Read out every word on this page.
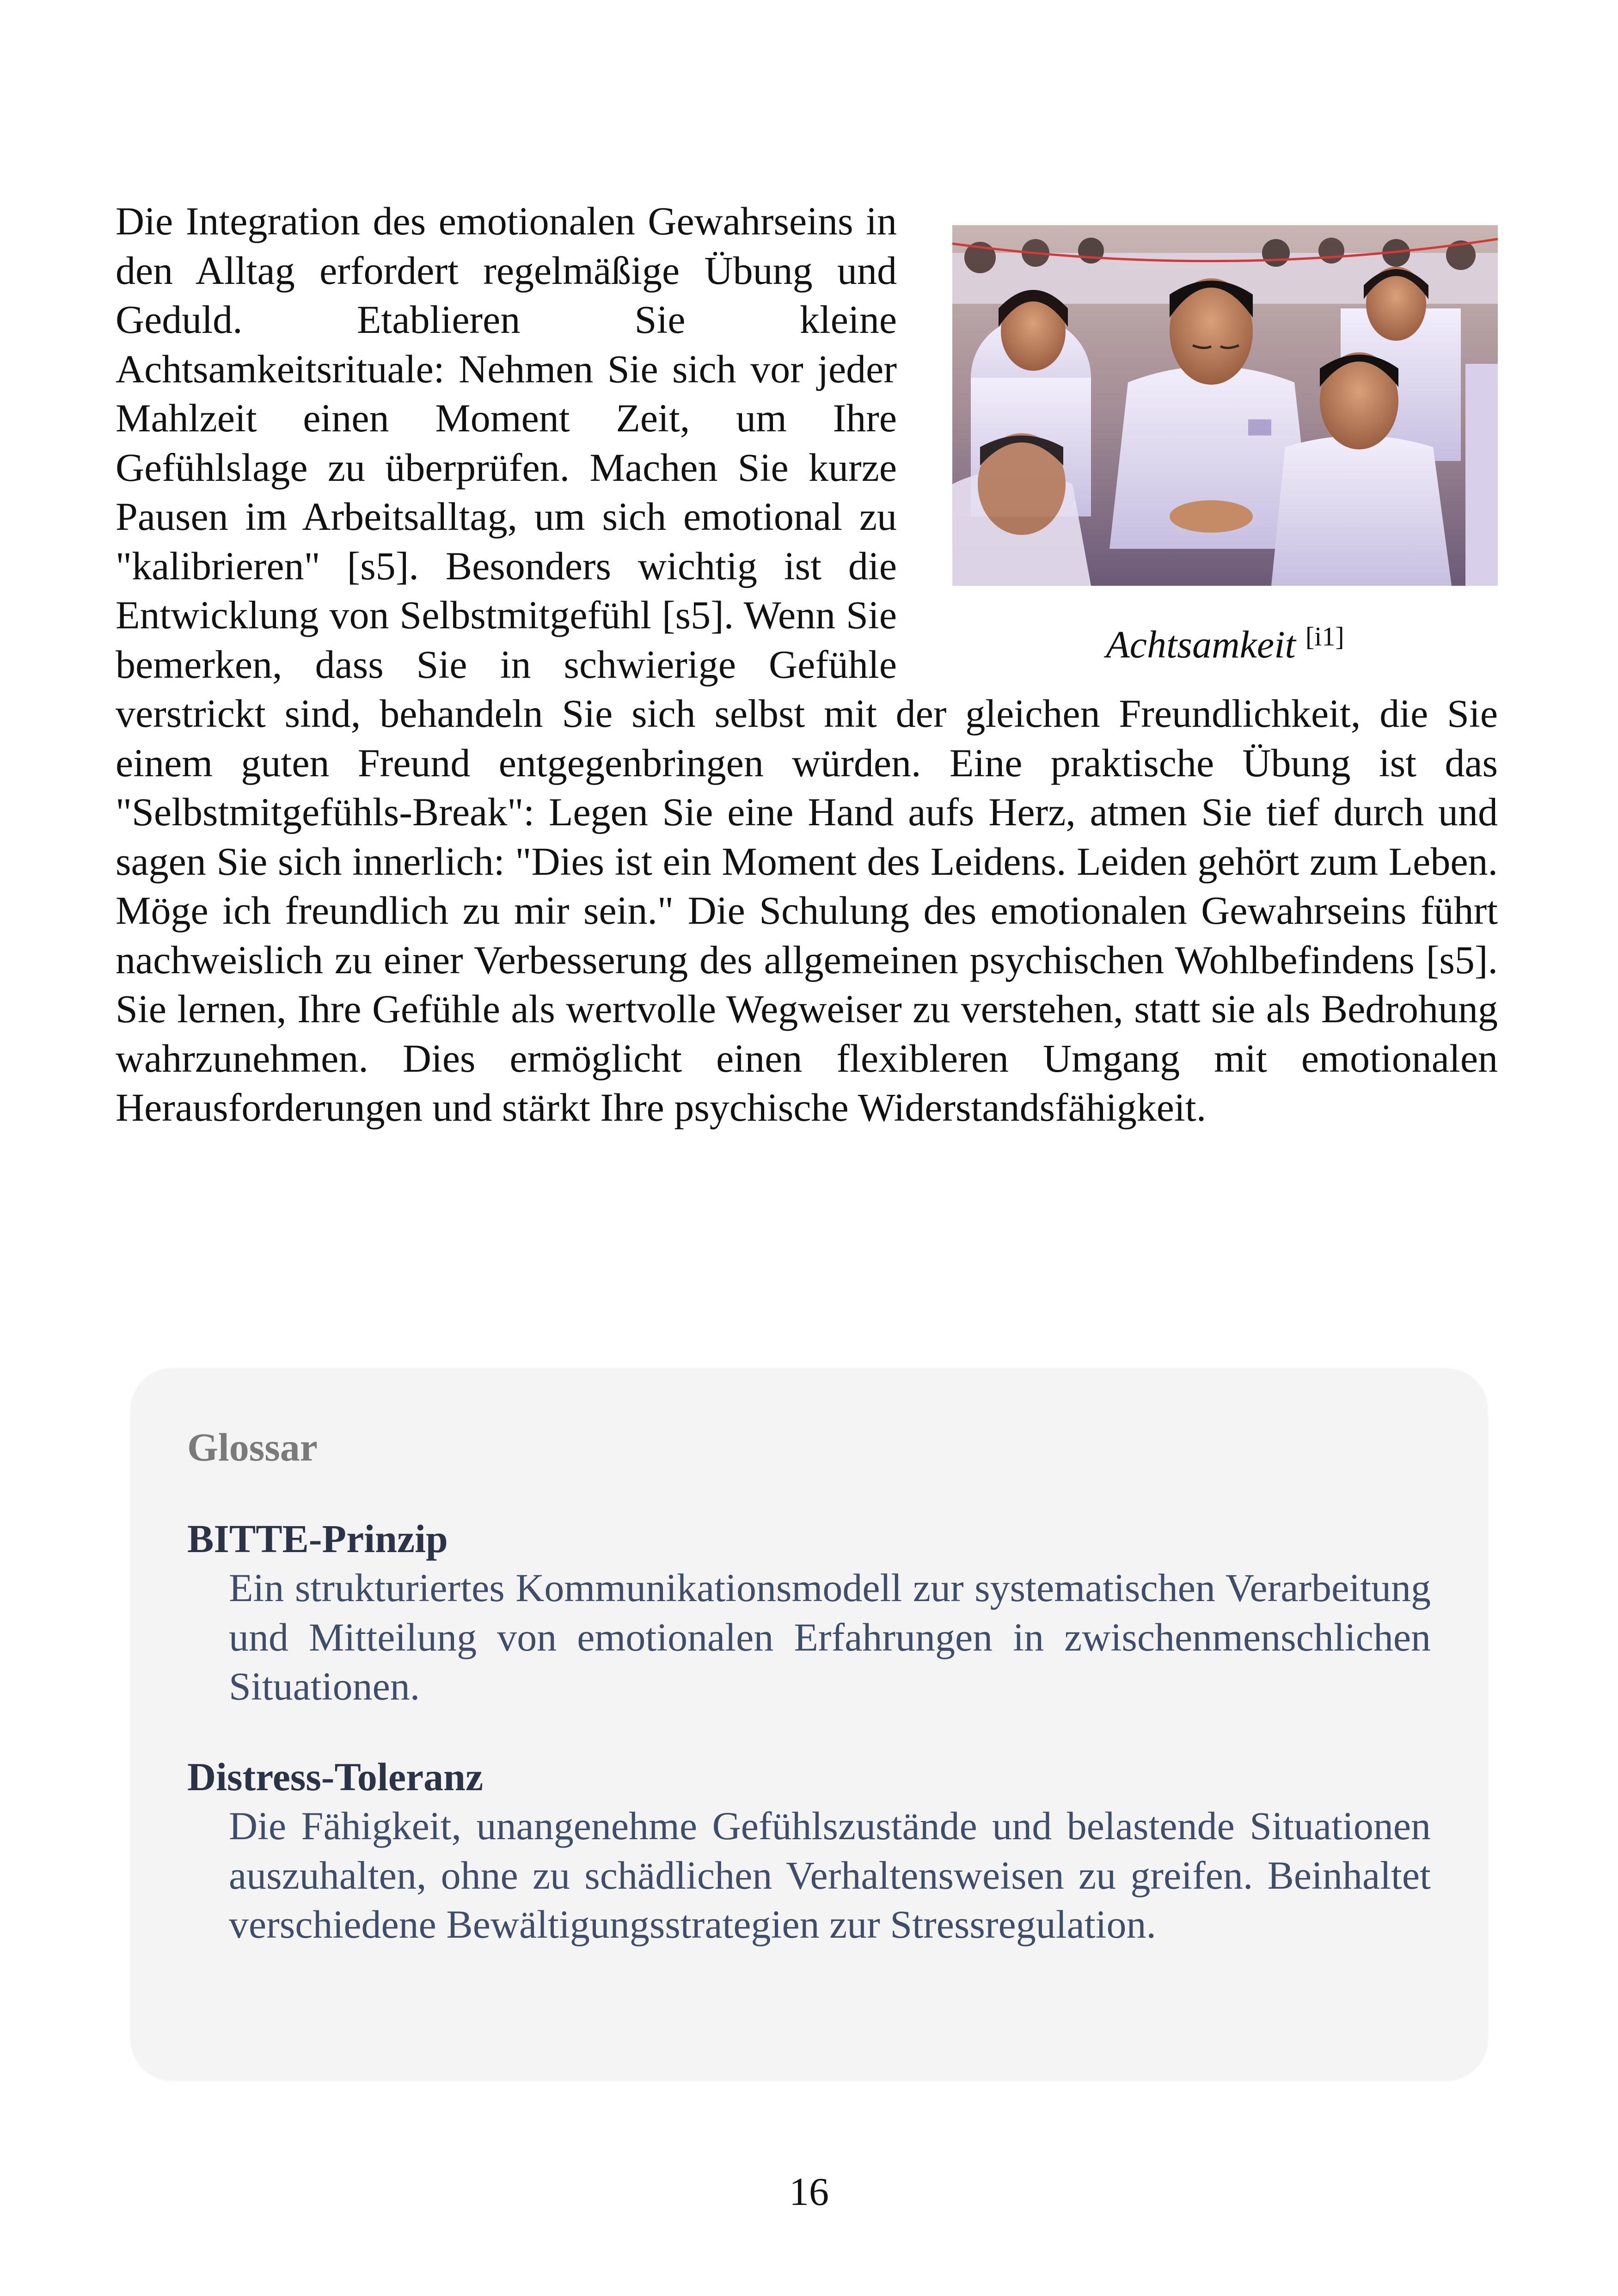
Achtsamkeit [i1]

Die Integration des emotionalen Gewahrseins in den Alltag erfordert regelmäßige Übung und Geduld. Etablieren Sie kleine Achtsamkeitsrituale: Nehmen Sie sich vor jeder Mahlzeit einen Moment Zeit, um Ihre Gefühlslage zu überprüfen. Machen Sie kurze Pausen im Arbeitsalltag, um sich emotional zu "kalibrieren" [s5]. Besonders wichtig ist die Entwicklung von Selbstmitgefühl [s5]. Wenn Sie bemerken, dass Sie in schwierige Gefühle verstrickt sind, behandeln Sie sich selbst mit der gleichen Freundlichkeit, die Sie einem guten Freund entgegenbringen würden. Eine praktische Übung ist das "Selbstmitgefühls-Break": Legen Sie eine Hand aufs Herz, atmen Sie tief durch und sagen Sie sich innerlich: "Dies ist ein Moment des Leidens. Leiden gehört zum Leben. Möge ich freundlich zu mir sein." Die Schulung des emotionalen Gewahrseins führt nachweislich zu einer Verbesserung des allgemeinen psychischen Wohlbefindens [s5]. Sie lernen, Ihre Gefühle als wertvolle Wegweiser zu verstehen, statt sie als Bedrohung wahrzunehmen. Dies ermöglicht einen flexibleren Umgang mit emotionalen Herausforderungen und stärkt Ihre psychische Widerstandsfähigkeit.

Glossar
BITTE-Prinzip
Ein strukturiertes Kommunikationsmodell zur systematischen Verarbeitung und Mitteilung von emotionalen Erfahrungen in zwischenmenschlichen Situationen.
Distress-Toleranz
Die Fähigkeit, unangenehme Gefühlszustände und belastende Situationen auszuhalten, ohne zu schädlichen Verhaltensweisen zu greifen. Beinhaltet verschiedene Bewältigungsstrategien zur Stressregulation.
16
